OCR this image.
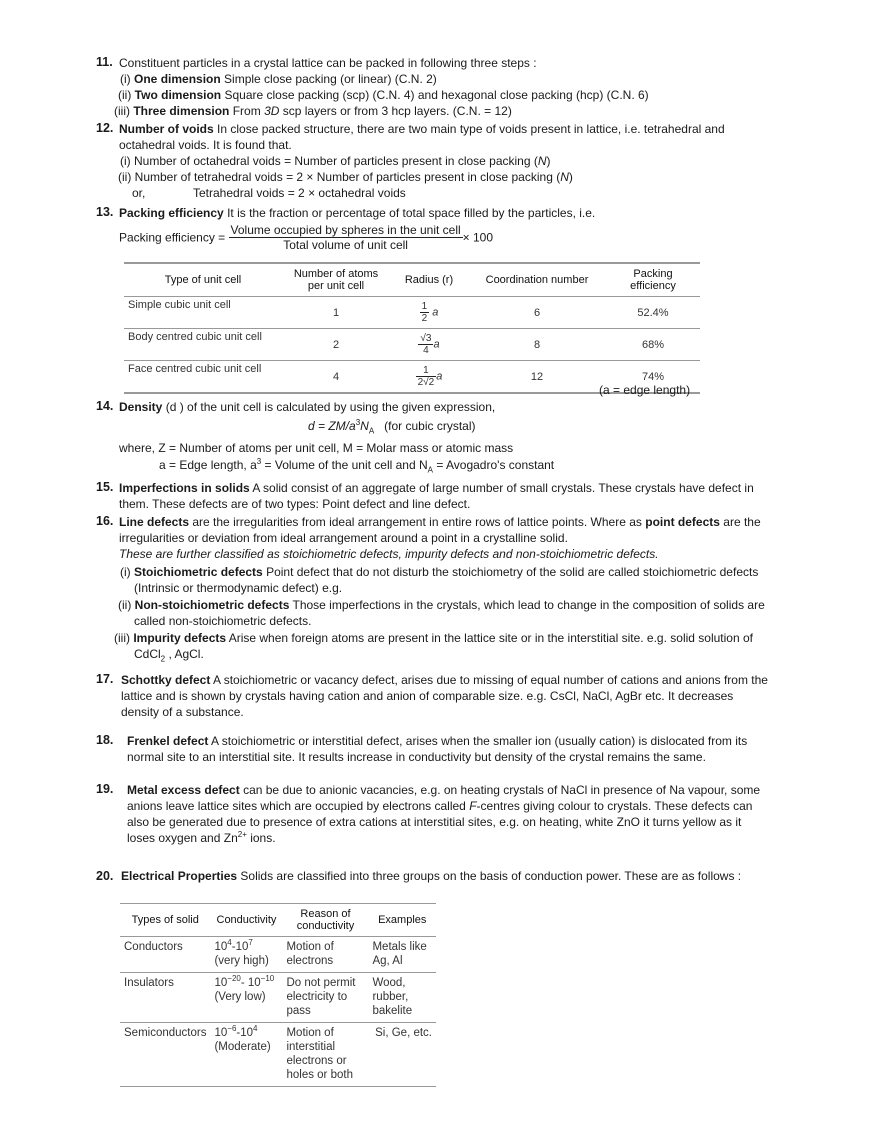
11. Constituent particles in a crystal lattice can be packed in following three steps :
(i) One dimension Simple close packing (or linear) (C.N. 2)
(ii) Two dimension Square close packing (scp) (C.N. 4) and hexagonal close packing (hcp) (C.N. 6)
(iii) Three dimension From 3D scp layers or from 3 hcp layers. (C.N. = 12)
12. Number of voids In close packed structure, there are two main type of voids present in lattice, i.e. tetrahedral and
octahedral voids. It is found that.
(i) Number of octahedral voids = Number of particles present in close packing (N)
(ii) Number of tetrahedral voids = 2 × Number of particles present in close packing (N)
or,	Tetrahedral voids = 2 × octahedral voids
13. Packing efficiency It is the fraction or percentage of total space filled by the particles, i.e.
Packing efficiency = $\frac{\text{Volume occupied by spheres in the unit cell}}{\text{Total volume of unit cell}} \times 100$
Type of unit cell	Number of atoms per unit cell	Radius (r)	Coordination number	Packing efficiency
Simple cubic unit cell	1	$\frac{1}{2}$ a	6	52.4%
Body centred cubic unit cell	2	$\frac{√3}{4}$ a	8	68%
Face centred cubic unit cell	4	$\frac{1}{2√2}$ a	12	74%
(a = edge length)
14. Density (d ) of the unit cell is calculated by using the given expression,
$d = ZM/a^3N_A$ (for cubic crystal)
where, Z = Number of atoms per unit cell, M = Molar mass or atomic mass
a = Edge length, $a^3$ = Volume of the unit cell and $N_A$ = Avogadro's constant
15. Imperfections in solids A solid consist of an aggregate of large number of small crystals. These crystals have defect in
them. These defects are of two types: Point defect and line defect.
16. Line defects are the irregularities from ideal arrangement in entire rows of lattice points. Where as point defects are the
irregularities or deviation from ideal arrangement around a point in a crystalline solid.
These are further classified as stoichiometric defects, impurity defects and non-stoichiometric defects.
(i) Stoichiometric defects Point defect that do not disturb the stoichiometry of the solid are called stoichiometric defects
(Intrinsic or thermodynamic defect) e.g.
(ii) Non-stoichiometric defects Those imperfections in the crystals, which lead to change in the composition of solids are
called non-stoichiometric defects.
(iii) Impurity defects Arise when foreign atoms are present in the lattice site or in the interstitial site. e.g. solid solution of
CdCl$_2$ , AgCl.
17. Schottky defect A stoichiometric or vacancy defect, arises due to missing of equal number of cations and anions from the
lattice and is shown by crystals having cation and anion of comparable size. e.g. CsCl, NaCl, AgBr etc. It decreases
density of a substance.
18. Frenkel defect A stoichiometric or interstitial defect, arises when the smaller ion (usually cation) is dislocated from its
normal site to an interstitial site. It results increase in conductivity but density of the crystal remains the same.
19. Metal excess defect can be due to anionic vacancies, e.g. on heating crystals of NaCl in presence of Na vapour, some
anions leave lattice sites which are occupied by electrons called F-centres giving colour to crystals. These defects can
also be generated due to presence of extra cations at interstitial sites, e.g. on heating, white ZnO it turns yellow as it
loses oxygen and $Zn^{2+}$ ions.
20. Electrical Properties Solids are classified into three groups on the basis of conduction power. These are as follows :
Types of solid	Conductivity	Reason of conductivity	Examples
Conductors	$10^4-10^7$
(very high)	Motion of electrons	Metals like Ag, Al
Insulators	$10^{-20}-$ $10^{-10}$
(Very low)	Do not permit electricity to pass	Wood, rubber, bakelite
Semiconductors	$10^{-6}-10^4$
(Moderate)	Motion of interstitial electrons or holes or both	Si, Ge, etc.
